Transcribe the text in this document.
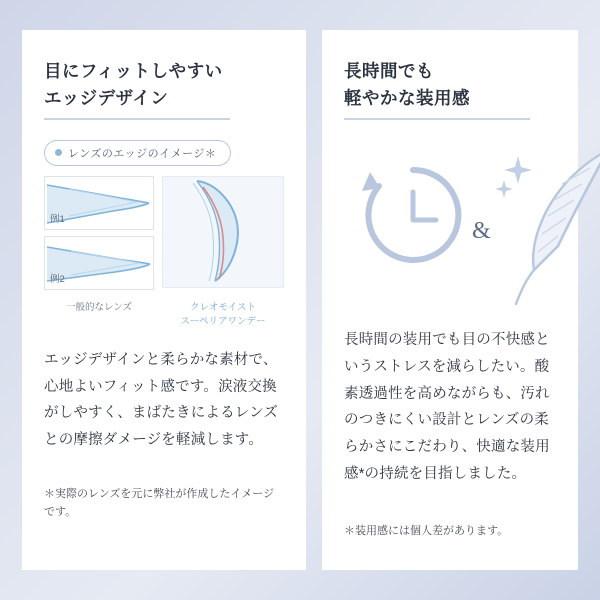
目にフィットしやすい
エッジデザイン
レンズのエッジのイメージ＊
例1
例2
一般的なレンズ	クレオモイスト
スーペリアワンデー

エッジデザインと柔らかな素材で、心地よいフィット感です。涙液交換がしやすく、まばたきによるレンズとの摩擦ダメージを軽減します。

＊実際のレンズを元に弊社が作成したイメージです。

長時間でも
軽やかな装用感
&

長時間の装用でも目の不快感というストレスを減らしたい。酸素透過性を高めながらも、汚れのつきにくい設計とレンズの柔らかさにこだわり、快適な装用感*の持続を目指しました。

＊装用感には個人差があります。
